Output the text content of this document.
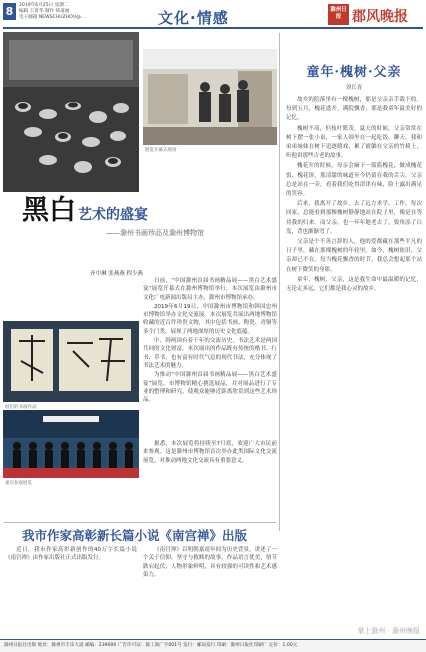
8	2019年6月25日 星期二
编辑 王菁华 制作 韩道丽
电子邮箱 NEWSCHUZHOU@...	文化·情感	滁州日报 郡风晚报
展览开幕式现场
黑白 艺术的盛宴
——滁州书画珍品及滁州博物馆
齐中琳 张燕燕 程少燕

日前，“中国滁州首届书画精品展——黑白艺术盛宴”展览开幕式在滁州博物馆举行，本次展览由滁州市文化广电新闻出版局主办，滁州市博物馆承办。

2019年6月19日，中国滁州市博物馆和韩国忠州市博物馆举办文化交流展。本次展览共展出两地博物馆收藏的近百件珍贵文物，其中包括书画、陶瓷、青铜等多个门类，展现了两地深厚的历史文化底蕴。

中、韩两国有着千年的交流历史，书法艺术是两国共同的文化财富。本次展出的作品既有传统的楷书、行书、草书，也有富有时代气息的现代书法，充分体现了书法艺术的魅力。

为推动“中国滁州首届书画精品展——黑白艺术盛宴”展览，市博物馆精心挑选展品，并对展品进行了专业的整理和研究，使观众能够近距离欣赏到这些艺术珍品。

展出的书画作品
嘉宾参观展览

据悉，本次展览将持续至7月底，欢迎广大市民前来参观。这是滁州市博物馆首次举办此类国际文化交流展览，对推动两地文化交流具有重要意义。

我市作家高彰新长篇小说《南宫禅》出版

近日，我市作家高彰新创作的40万字长篇小说《南宫禅》由作家出版社正式出版发行。

《南宫禅》以明朝嘉靖年间为历史背景，讲述了一个关于信仰、坚守与救赎的故事，作品语言优美，情节跌宕起伏，人物形象鲜明，具有较强的可读性和艺术感染力。

童年·槐树·父亲
刘长青

故乡的院落里有一棵槐树，那是父亲亲手栽下的。每到五月，槐花盛开，满院飘香，那是我童年最美好的记忆。

槐树不高，但枝叶繁茂。夏天的时候，父亲常常在树下摆一张小桌，一家人围坐在一起吃饭、聊天。我和弟弟妹妹在树下追逐嬉戏，累了就躺在父亲的竹椅上，听他讲那些古老的故事。

槐花开的时候，母亲会摘下一篮篮槐花，做成槐花饭、槐花饼，那清甜的味道至今仍留在我的舌尖。父亲总是站在一旁，看着我们吃得津津有味，脸上露出满足的笑容。

后来，我离开了故乡，去了远方求学、工作。每次回家，总能看到那棵槐树静静地站在院子里，像是在等待我的归来。而父亲，也一年年地老去了，鬓角添了白发，背也渐渐弯了。

父亲是个不善言辞的人，他的爱都藏在那些平凡的日子里，藏在那棵槐树的年轮里。如今，槐树依旧，父亲却已不在。每当槐花飘香的时节，我总会想起那个站在树下微笑的身影。

童年、槐树、父亲，这是我生命中最温暖的记忆，无论走多远，它们都是我心灵的故乡。

掌上滁州 · 滁州晚报
滁州日报社出版 地址：滁州市丰乐大道 邮编：239000 广告许可证：滁工商广字001号 发行：邮局发行 印刷：滁州日报社印刷厂 定价：1.00元
